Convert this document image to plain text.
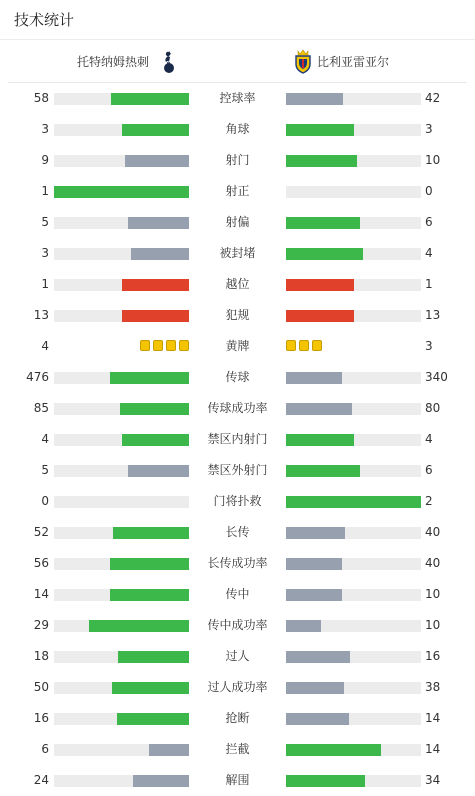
技术统计
托特纳姆热刺	比利亚雷亚尔
58	控球率	42
3	角球	3
9	射门	10
1	射正	0
5	射偏	6
3	被封堵	4
1	越位	1
13	犯规	13
4	黄牌	3
476	传球	340
85	传球成功率	80
4	禁区内射门	4
5	禁区外射门	6
0	门将扑救	2
52	长传	40
56	长传成功率	40
14	传中	10
29	传中成功率	10
18	过人	16
50	过人成功率	38
16	抢断	14
6	拦截	14
24	解围	34
